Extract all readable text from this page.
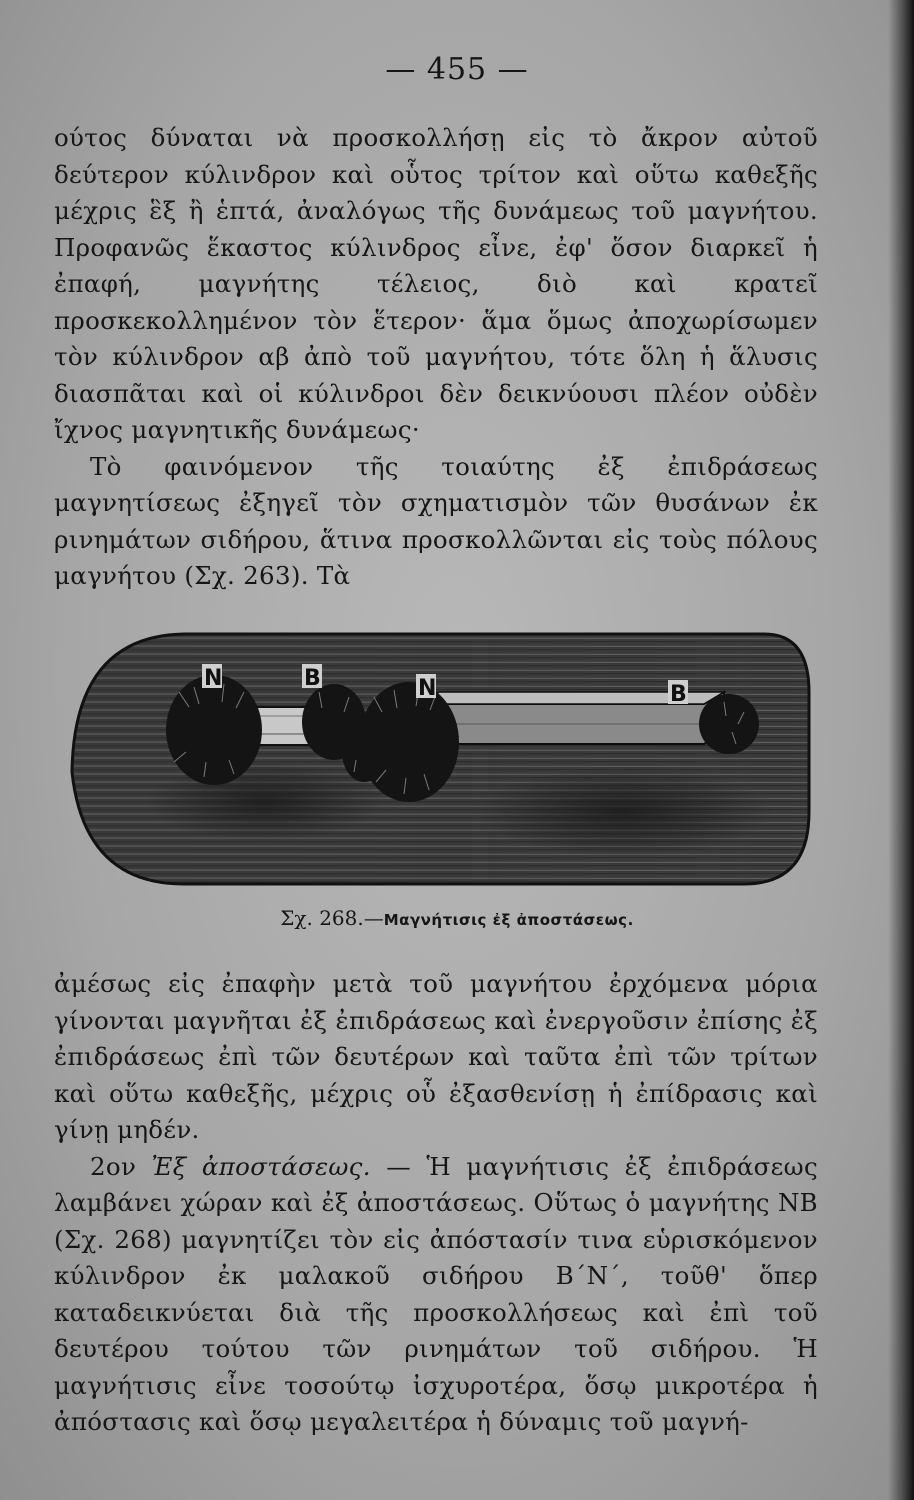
— 455 —

ούτος δύναται νὰ προσκολλήσῃ εἰς τὸ ἄκρον αὐτοῦ δεύτερον κύλινδρον καὶ οὗτος τρίτον καὶ οὕτω καθεξῆς μέχρις ἓξ ἢ ἑπτά, ἀναλόγως τῆς δυνάμεως τοῦ μαγνήτου. Προφανῶς ἕκαστος κύλινδρος εἶνε, ἐφ' ὅσον διαρκεῖ ἡ ἐπαφή, μαγνήτης τέλειος, διὸ καὶ κρατεῖ προσκεκολλημένον τὸν ἕτερον· ἅμα ὅμως ἀποχωρίσωμεν τὸν κύλινδρον αβ ἀπὸ τοῦ μαγνήτου, τότε ὅλη ἡ ἅλυσις διασπᾶται καὶ οἱ κύλινδροι δὲν δεικνύουσι πλέον οὐδὲν ἴχνος μαγνητικῆς δυνάμεως·

Τὸ φαινόμενον τῆς τοιαύτης ἐξ ἐπιδράσεως μαγνητίσεως ἐξηγεῖ τὸν σχηματισμὸν τῶν θυσάνων ἐκ ρινημάτων σιδήρου, ἅτινα προσκολλῶνται εἰς τοὺς πόλους μαγνήτου (Σχ. 263). Τὰ

N	B	N	B
Σχ. 268.—Μαγνήτισις ἐξ ἀποστάσεως.

ἀμέσως εἰς ἐπαφὴν μετὰ τοῦ μαγνήτου ἐρχόμενα μόρια γίνονται μαγνῆται ἐξ ἐπιδράσεως καὶ ἐνεργοῦσιν ἐπίσης ἐξ ἐπιδράσεως ἐπὶ τῶν δευτέρων καὶ ταῦτα ἐπὶ τῶν τρίτων καὶ οὕτω καθεξῆς, μέχρις οὗ ἐξασθενίσῃ ἡ ἐπίδρασις καὶ γίνῃ μηδέν.

2ον Ἐξ ἀποστάσεως. — Ἡ μαγνήτισις ἐξ ἐπιδράσεως λαμβάνει χώραν καὶ ἐξ ἀποστάσεως. Οὕτως ὁ μαγνήτης ΝΒ (Σχ. 268) μαγνητίζει τὸν εἰς ἀπόστασίν τινα εὑρισκόμενον κύλινδρον ἐκ μαλακοῦ σιδήρου Β΄Ν΄, τοῦθ' ὅπερ καταδεικνύεται διὰ τῆς προσκολλήσεως καὶ ἐπὶ τοῦ δευτέρου τούτου τῶν ρινημάτων τοῦ σιδήρου. Ἡ μαγνήτισις εἶνε τοσούτῳ ἰσχυροτέρα, ὅσῳ μικροτέρα ἡ ἀπόστασις καὶ ὅσῳ μεγαλειτέρα ἡ δύναμις τοῦ μαγνή-
